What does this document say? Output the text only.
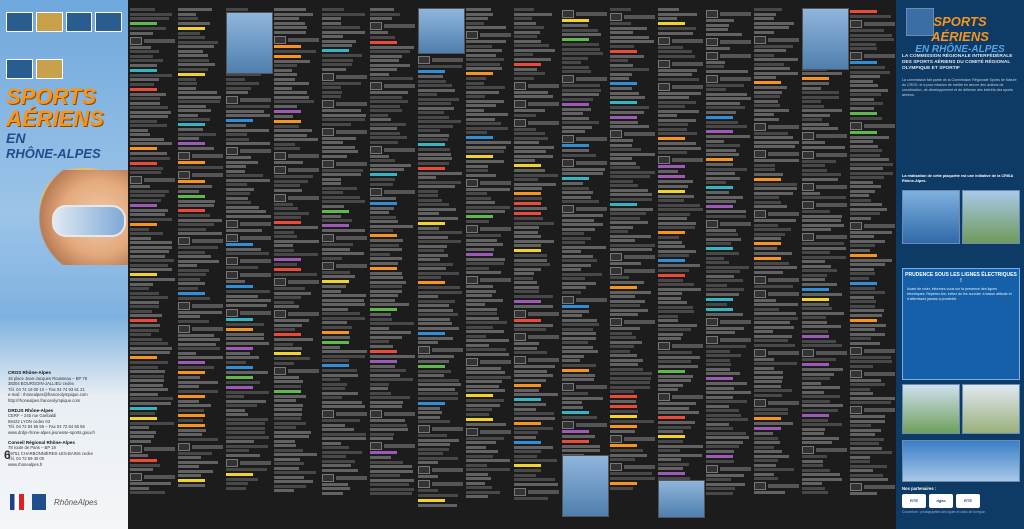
SPORTS
AÉRIENS
EN
RHÔNE-ALPES
CROS Rhône-Alpes
16 place Jean-Jacques Rousseau – BP 79
38304 BOURGOIN-JALLIEU cedex
Tél. 04 74 19 00 10 – Fax 04 74 93 61 21
e-mail : rhonealpes@franceolympique.com
http://rhonealpes.franceolympique.com
DRDJS Rhône-Alpes
CERF – 245 rue Garibaldi
69422 LYON cedex 03
Tél. 04 72 84 55 55 – Fax 04 72 84 55 56
www.drdjs-rhone-alpes.jeunesse-sports.gouv.fr
Conseil Régional Rhône-Alpes
78 route de Paris – BP 19
69751 CHARBONNIÈRES-LES-BAINS cedex
Tél. 04 72 59 40 00
www.rhonealpes.fr
6
RhôneAlpes
SPORTS AÉRIENS
EN RHÔNE-ALPES
LA COMMISSION RÉGIONALE INTERFÉDÉRALE DES SPORTS AÉRIENS DU COMITÉ RÉGIONAL OLYMPIQUE ET SPORTIF
La commission fait partie de la Commission Régionale Sports de Nature du CROS, et a pour mission de mettre en œuvre des actions de coordination, de développement et de défense des intérêts des sports aériens.
La réalisation de cette plaquette est une initiative de la CRISA Rhône-Alpes.
PRUDENCE SOUS LES LIGNES ÉLECTRIQUES !
Avant de voler, informez-vous sur la présence des lignes électriques. Repérez-les, évitez de les survoler à basse altitude et n'atterrissez jamais à proximité.
Nos partenaires :
RTE	dgac	RTE
Couverture : photographies des ligues et clubs de la région
